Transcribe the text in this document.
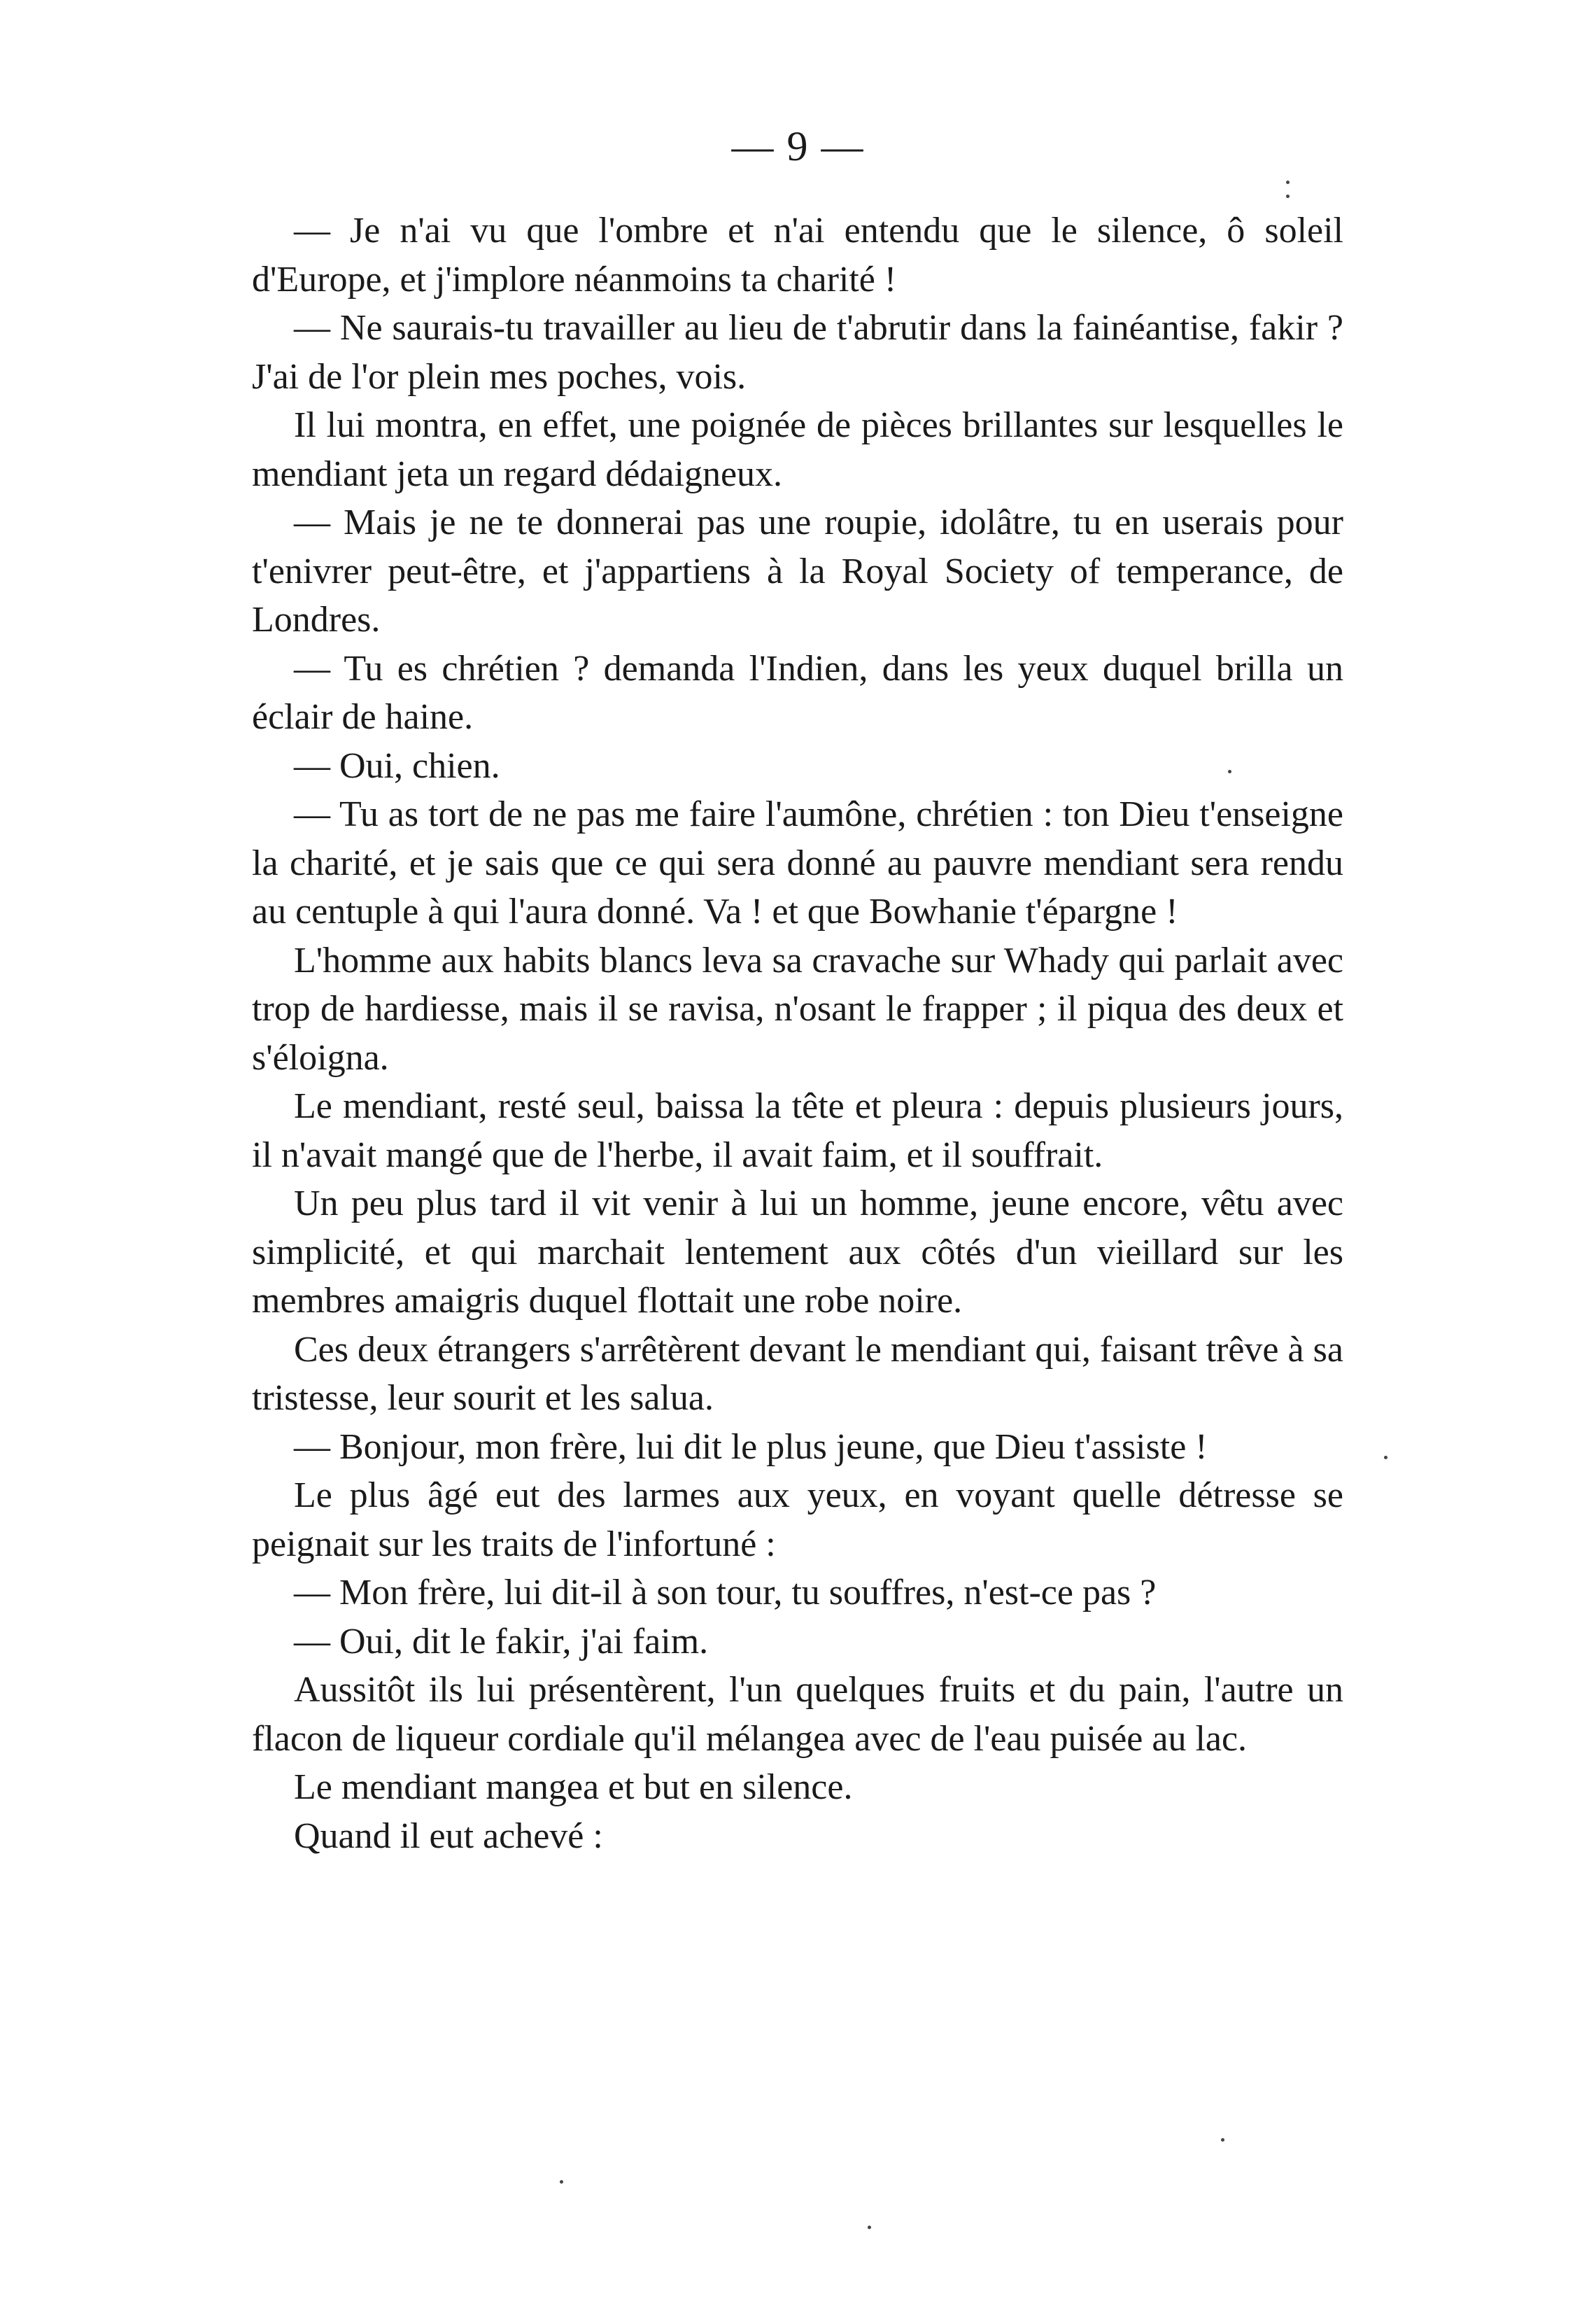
— 9 —

— Je n'ai vu que l'ombre et n'ai entendu que le silence, ô soleil d'Europe, et j'implore néanmoins ta charité !

— Ne saurais-tu travailler au lieu de t'abrutir dans la fainéantise, fakir ? J'ai de l'or plein mes poches, vois.

Il lui montra, en effet, une poignée de pièces brillantes sur lesquelles le mendiant jeta un regard dédaigneux.

— Mais je ne te donnerai pas une roupie, idolâtre, tu en userais pour t'enivrer peut-être, et j'appartiens à la Royal Society of temperance, de Londres.

— Tu es chrétien ? demanda l'Indien, dans les yeux duquel brilla un éclair de haine.

— Oui, chien.

— Tu as tort de ne pas me faire l'aumône, chrétien : ton Dieu t'enseigne la charité, et je sais que ce qui sera donné au pauvre mendiant sera rendu au centuple à qui l'aura donné. Va ! et que Bowhanie t'épargne !

L'homme aux habits blancs leva sa cravache sur Whady qui parlait avec trop de hardiesse, mais il se ravisa, n'osant le frapper ; il piqua des deux et s'éloigna.

Le mendiant, resté seul, baissa la tête et pleura : depuis plusieurs jours, il n'avait mangé que de l'herbe, il avait faim, et il souffrait.

Un peu plus tard il vit venir à lui un homme, jeune encore, vêtu avec simplicité, et qui marchait lentement aux côtés d'un vieillard sur les membres amaigris duquel flottait une robe noire.

Ces deux étrangers s'arrêtèrent devant le mendiant qui, faisant trêve à sa tristesse, leur sourit et les salua.

— Bonjour, mon frère, lui dit le plus jeune, que Dieu t'assiste !

Le plus âgé eut des larmes aux yeux, en voyant quelle détresse se peignait sur les traits de l'infortuné :

— Mon frère, lui dit-il à son tour, tu souffres, n'est-ce pas ?

— Oui, dit le fakir, j'ai faim.

Aussitôt ils lui présentèrent, l'un quelques fruits et du pain, l'autre un flacon de liqueur cordiale qu'il mélangea avec de l'eau puisée au lac.

Le mendiant mangea et but en silence.

Quand il eut achevé :
